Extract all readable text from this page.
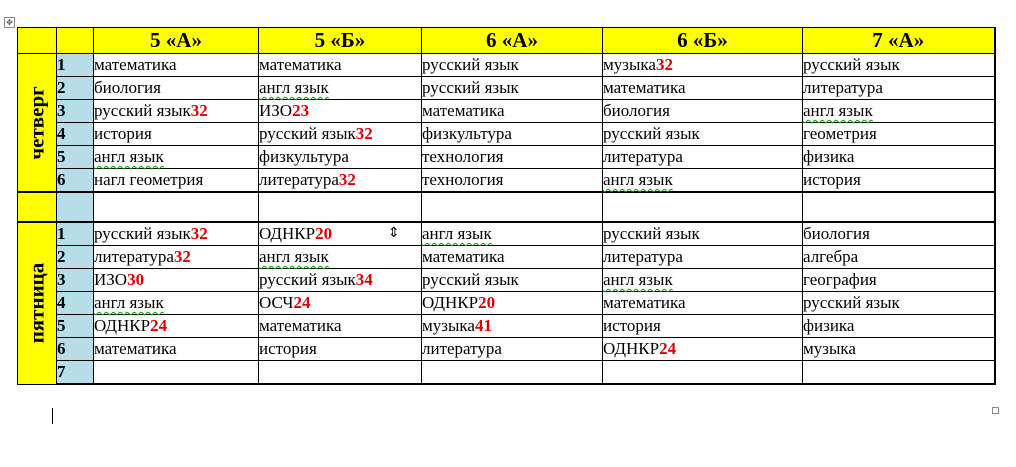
✥
		5 «А»	5 «Б»	6 «А»	6 «Б»	7 «А»

четверг	1	математика	математика	русский язык	музыка32	русский язык
	2	биология	англ язык	русский язык	математика	литература
	3	русский язык32	ИЗО23	математика	биология	англ язык
	4	история	русский язык32	физкультура	русский язык	геометрия
	5	англ язык	физкультура	технология	литература	физика
	6	нагл геометрия	литература32	технология	англ язык	история

пятница	1	русский язык32	ОДНКР20	англ язык	русский язык	биология
	2	литература32	англ язык	математика	литература	алгебра
	3	ИЗО30	русский язык34	русский язык	англ язык	география
	4	англ язык	ОСЧ24	ОДНКР20	математика	русский язык
	5	ОДНКР24	математика	музыка41	история	физика
	6	математика	история	литература	ОДНКР24	музыка
	7					
⇕
